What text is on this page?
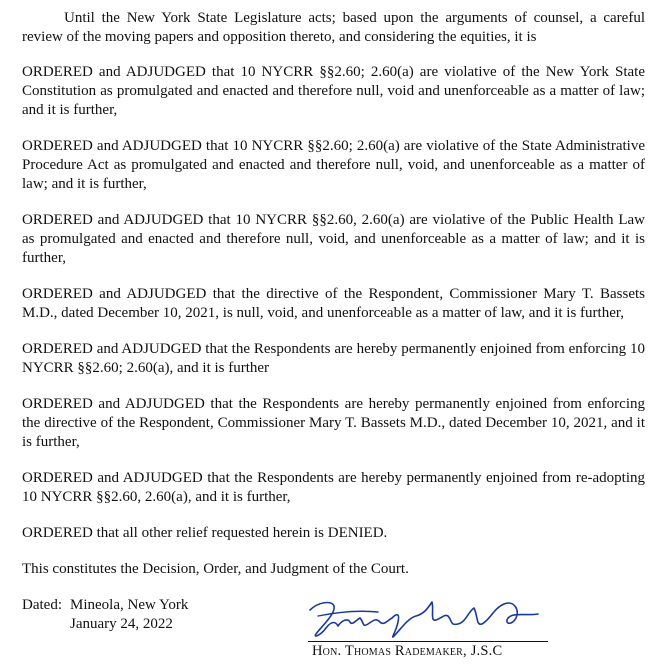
Until the New York State Legislature acts; based upon the arguments of counsel, a careful review of the moving papers and opposition thereto, and considering the equities, it is

ORDERED and ADJUDGED that 10 NYCRR §§2.60; 2.60(a) are violative of the New York State Constitution as promulgated and enacted and therefore null, void and unenforceable as a matter of law; and it is further,

ORDERED and ADJUDGED that 10 NYCRR §§2.60; 2.60(a) are violative of the State Administrative Procedure Act as promulgated and enacted and therefore null, void, and unenforceable as a matter of law; and it is further,

ORDERED and ADJUDGED that 10 NYCRR §§2.60, 2.60(a) are violative of the Public Health Law as promulgated and enacted and therefore null, void, and unenforceable as a matter of law; and it is further,

ORDERED and ADJUDGED that the directive of the Respondent, Commissioner Mary T. Bassets M.D., dated December 10, 2021, is null, void, and unenforceable as a matter of law, and it is further,

ORDERED and ADJUDGED that the Respondents are hereby permanently enjoined from enforcing 10 NYCRR §§2.60; 2.60(a), and it is further

ORDERED and ADJUDGED that the Respondents are hereby permanently enjoined from enforcing the directive of the Respondent, Commissioner Mary T. Bassets M.D., dated December 10, 2021, and it is further,

ORDERED and ADJUDGED that the Respondents are hereby permanently enjoined from re-adopting 10 NYCRR §§2.60, 2.60(a), and it is further,

ORDERED that all other relief requested herein is DENIED.

This constitutes the Decision, Order, and Judgment of the Court.

Dated: Mineola, New York
January 24, 2022
Hon. Thomas Rademaker, J.S.C
